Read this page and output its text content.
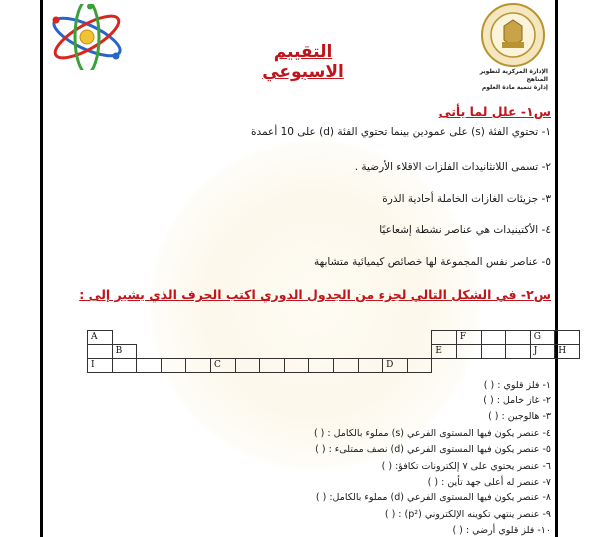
الإدارة المركزية لتطوير المناهج
إدارة تنمية مادة العلوم
التقييم الاسبوعي
س١- علل لما يأتى
١- تحتوي الفئة (s) على عمودين بينما تحتوي الفئة (d) على 10 أعمدة
٢- تسمى اللانثانيدات الفلزات الاقلاء الأرضية .
٣- جزيئات الغازات الخاملة أحادية الذرة
٤- الأكتينيدات هي عناصر نشطة إشعاعيًا
٥- عناصر نفس المجموعة لها خصائص كيميائية متشابهة
س٢- في الشكل التالي لجزء من الجدول الدوري اكتب الحرف الذي يشير إلى :

A															F			G	
	B													E				J	H
I					C							D							
١- فلز قلوي : ( )
٢- غاز خامل : ( )
٣- هالوجين : ( )
٤- عنصر يكون فيها المستوى الفرعي (s) مملوء بالكامل : ( )
٥- عنصر يكون فيها المستوى الفرعي (d) نصف ممتلىء : ( )
٦- عنصر يحتوي على ٧ إلكترونات تكافؤ: ( )
٧- عنصر له أعلى جهد تأين : ( )
٨- عنصر يكون فيها المستوى الفرعي (d) مملوء بالكامل: ( )
٩- عنصر ينتهي تكوينه الإلكتروني (p²) : ( )
١٠- فلز قلوي أرضي : ( )
